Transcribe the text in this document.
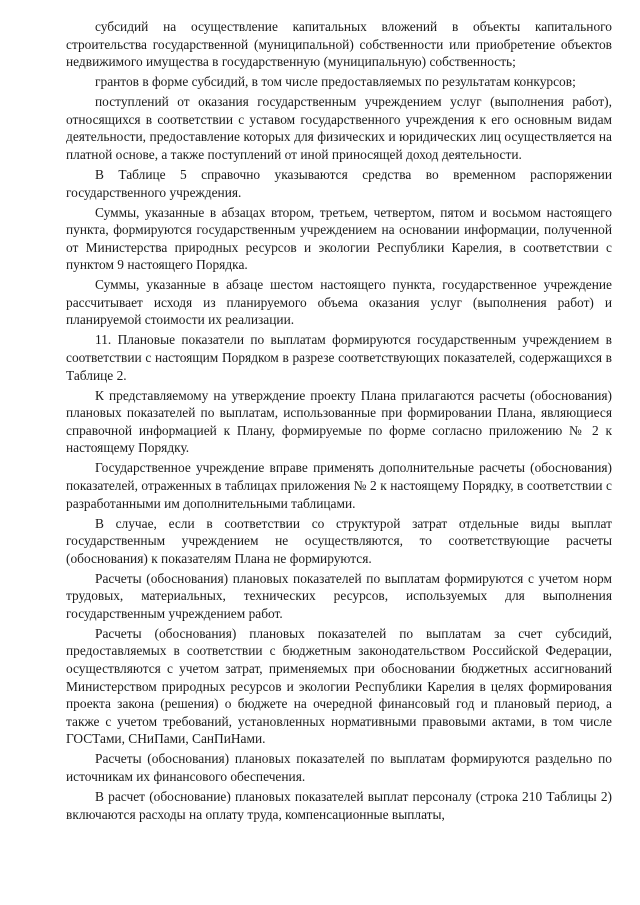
субсидий на осуществление капитальных вложений в объекты капитального строительства государственной (муниципальной) собственности или приобретение объектов недвижимого имущества в государственную (муниципальную) собственность;

грантов в форме субсидий, в том числе предоставляемых по результатам конкурсов;

поступлений от оказания государственным учреждением услуг (выполнения работ), относящихся в соответствии с уставом государственного учреждения к его основным видам деятельности, предоставление которых для физических и юридических лиц осуществляется на платной основе, а также поступлений от иной приносящей доход деятельности.

В Таблице 5 справочно указываются средства во временном распоряжении государственного учреждения.

Суммы, указанные в абзацах втором, третьем, четвертом, пятом и восьмом настоящего пункта, формируются государственным учреждением на основании информации, полученной от Министерства природных ресурсов и экологии Республики Карелия, в соответствии с пунктом 9 настоящего Порядка.

Суммы, указанные в абзаце шестом настоящего пункта, государственное учреждение рассчитывает исходя из планируемого объема оказания услуг (выполнения работ) и планируемой стоимости их реализации.

11. Плановые показатели по выплатам формируются государственным учреждением в соответствии с настоящим Порядком в разрезе соответствующих показателей, содержащихся в Таблице 2.

К представляемому на утверждение проекту Плана прилагаются расчеты (обоснования) плановых показателей по выплатам, использованные при формировании Плана, являющиеся справочной информацией к Плану, формируемые по форме согласно приложению № 2 к настоящему Порядку.

Государственное учреждение вправе применять дополнительные расчеты (обоснования) показателей, отраженных в таблицах приложения № 2 к настоящему Порядку, в соответствии с разработанными им дополнительными таблицами.

В случае, если в соответствии со структурой затрат отдельные виды выплат государственным учреждением не осуществляются, то соответствующие расчеты (обоснования) к показателям Плана не формируются.

Расчеты (обоснования) плановых показателей по выплатам формируются с учетом норм трудовых, материальных, технических ресурсов, используемых для выполнения государственным учреждением работ.

Расчеты (обоснования) плановых показателей по выплатам за счет субсидий, предоставляемых в соответствии с бюджетным законодательством Российской Федерации, осуществляются с учетом затрат, применяемых при обосновании бюджетных ассигнований Министерством природных ресурсов и экологии Республики Карелия в целях формирования проекта закона (решения) о бюджете на очередной финансовый год и плановый период, а также с учетом требований, установленных нормативными правовыми актами, в том числе ГОСТами, СНиПами, СанПиНами.

Расчеты (обоснования) плановых показателей по выплатам формируются раздельно по источникам их финансового обеспечения.

В расчет (обоснование) плановых показателей выплат персоналу (строка 210 Таблицы 2) включаются расходы на оплату труда, компенсационные выплаты,
